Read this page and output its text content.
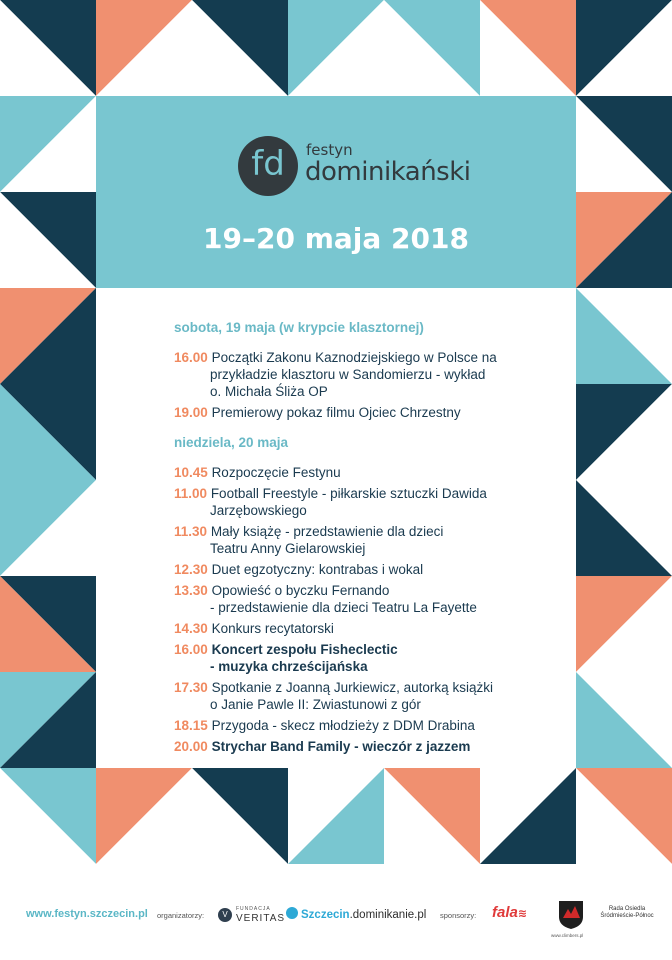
fd	festyn
dominikański
19–20 maja 2018

sobota, 19 maja (w krypcie klasztornej)

16.00 Początki Zakonu Kaznodziejskiego w Polsce na
przykładzie klasztoru w Sandomierzu - wykład
o. Michała Śliża OP
19.00 Premierowy pokaz filmu Ojciec Chrzestny

niedziela, 20 maja

10.45 Rozpoczęcie Festynu
11.00 Football Freestyle - piłkarskie sztuczki Dawida
Jarzębowskiego
11.30 Mały książę - przedstawienie dla dzieci
Teatru Anny Gielarowskiej
12.30 Duet egzotyczny: kontrabas i wokal
13.30 Opowieść o byczku Fernando
- przedstawienie dla dzieci Teatru La Fayette
14.30 Konkurs recytatorski
16.00 Koncert zespołu Fisheclectic
- muzyka chrześcijańska
17.30 Spotkanie z Joanną Jurkiewicz, autorką książki
o Janie Pawle II: Zwiastunowi z gór
18.15 Przygoda - skecz młodzieży z DDM Drabina
20.00 Strychar Band Family - wieczór z jazzem
www.festyn.szczecin.pl organizatorzy:	V
FUNDACJA
VERITAS	Szczecin.dominikanie.pl sponsorzy: fala≋
www.climbers.pl
Rada Osiedla
Śródmieście-Północ
